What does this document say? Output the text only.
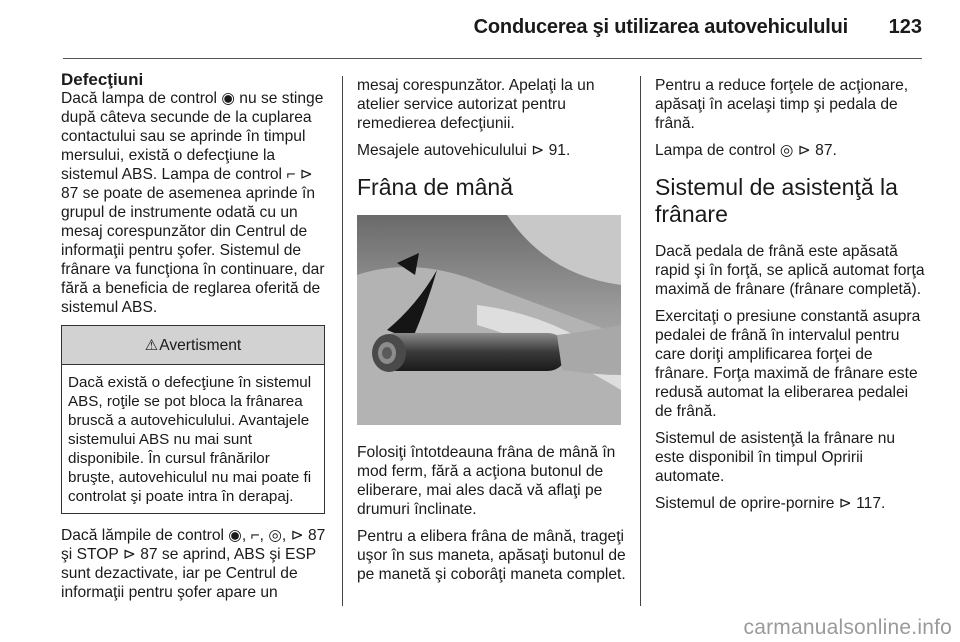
Conducerea şi utilizarea autovehiculului 123
Defecţiuni

Dacă lampa de control ◉ nu se stinge după câteva secunde de la cuplarea contactului sau se aprinde în timpul mersului, există o defecţiune la sistemul ABS. Lampa de control ⌐ ⊳ 87 se poate de asemenea aprinde în grupul de instrumente odată cu un mesaj corespunzător din Centrul de informaţii pentru şofer. Sistemul de frânare va funcţiona în continuare, dar fără a beneficia de reglarea oferită de sistemul ABS.

⚠ Avertisment
Dacă există o defecţiune în sistemul ABS, roţile se pot bloca la frânarea bruscă a autovehiculului. Avantajele sistemului ABS nu mai sunt disponibile. În cursul frânărilor bruşte, autovehiculul nu mai poate fi controlat şi poate intra în derapaj.

Dacă lămpile de control ◉, ⌐, ◎, ⊳ 87 şi STOP ⊳ 87 se aprind, ABS şi ESP sunt dezactivate, iar pe Centrul de informaţii pentru şofer apare un

mesaj corespunzător. Apelaţi la un atelier service autorizat pentru remedierea defecţiunii.

Mesajele autovehiculului ⊳ 91.

Frâna de mână

Folosiţi întotdeauna frâna de mână în mod ferm, fără a acţiona butonul de eliberare, mai ales dacă vă aflaţi pe drumuri înclinate.

Pentru a elibera frâna de mână, trageţi uşor în sus maneta, apăsaţi butonul de pe manetă şi coborâţi maneta complet.

Pentru a reduce forţele de acţionare, apăsaţi în acelaşi timp şi pedala de frână.

Lampa de control ◎ ⊳ 87.

Sistemul de asistenţă la frânare

Dacă pedala de frână este apăsată rapid şi în forţă, se aplică automat forţa maximă de frânare (frânare completă).

Exercitaţi o presiune constantă asupra pedalei de frână în intervalul pentru care doriţi amplificarea forţei de frânare. Forţa maximă de frânare este redusă automat la eliberarea pedalei de frână.

Sistemul de asistenţă la frânare nu este disponibil în timpul Opririi automate.

Sistemul de oprire-pornire ⊳ 117.

carmanualsonline.info
